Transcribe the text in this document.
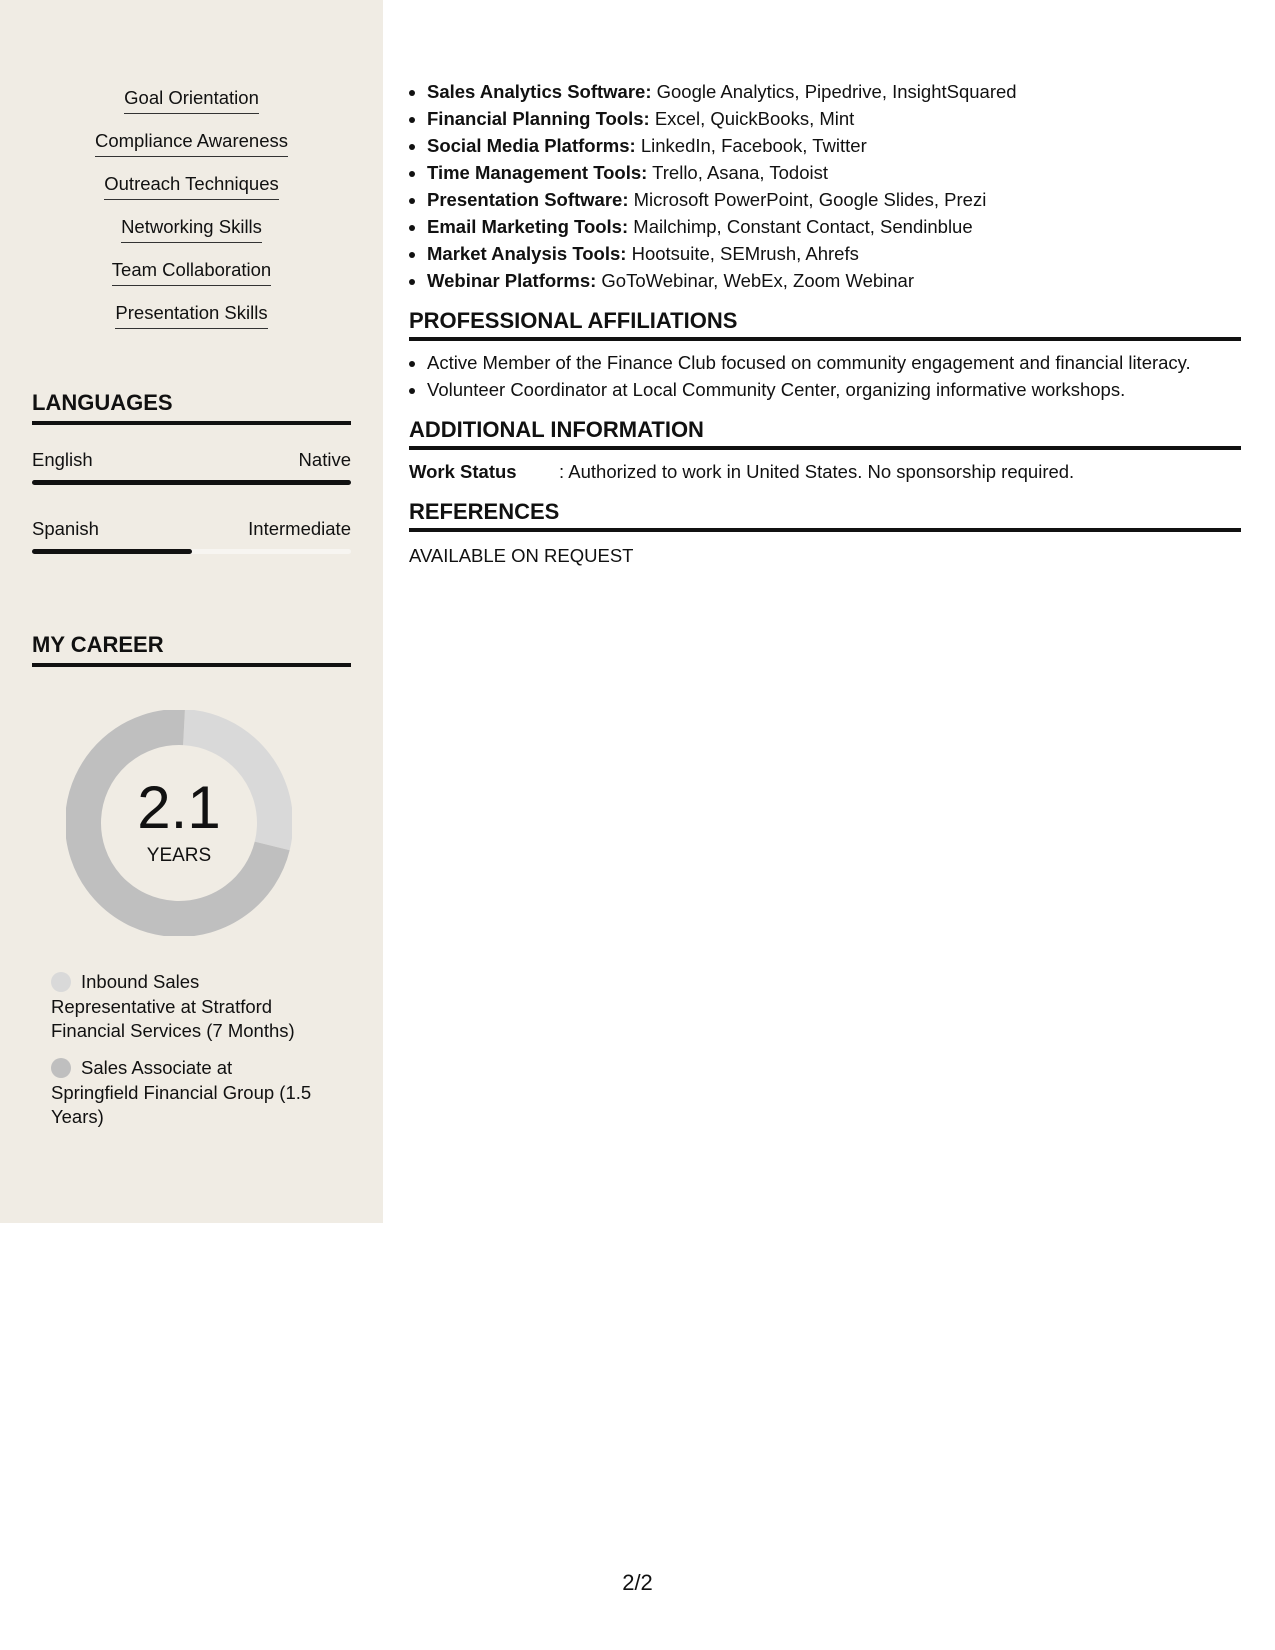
Goal Orientation
Compliance Awareness
Outreach Techniques
Networking Skills
Team Collaboration
Presentation Skills
LANGUAGES
English	Native
Spanish	Intermediate
MY CAREER
2.1
YEARS
Inbound Sales Representative at Stratford Financial Services (7 Months)
Sales Associate at Springfield Financial Group (1.5 Years)
• Sales Analytics Software: Google Analytics, Pipedrive, InsightSquared
• Financial Planning Tools: Excel, QuickBooks, Mint
• Social Media Platforms: LinkedIn, Facebook, Twitter
• Time Management Tools: Trello, Asana, Todoist
• Presentation Software: Microsoft PowerPoint, Google Slides, Prezi
• Email Marketing Tools: Mailchimp, Constant Contact, Sendinblue
• Market Analysis Tools: Hootsuite, SEMrush, Ahrefs
• Webinar Platforms: GoToWebinar, WebEx, Zoom Webinar
PROFESSIONAL AFFILIATIONS
• Active Member of the Finance Club focused on community engagement and financial literacy.
• Volunteer Coordinator at Local Community Center, organizing informative workshops.
ADDITIONAL INFORMATION
Work Status	: Authorized to work in United States. No sponsorship required.
REFERENCES
AVAILABLE ON REQUEST
2/2
